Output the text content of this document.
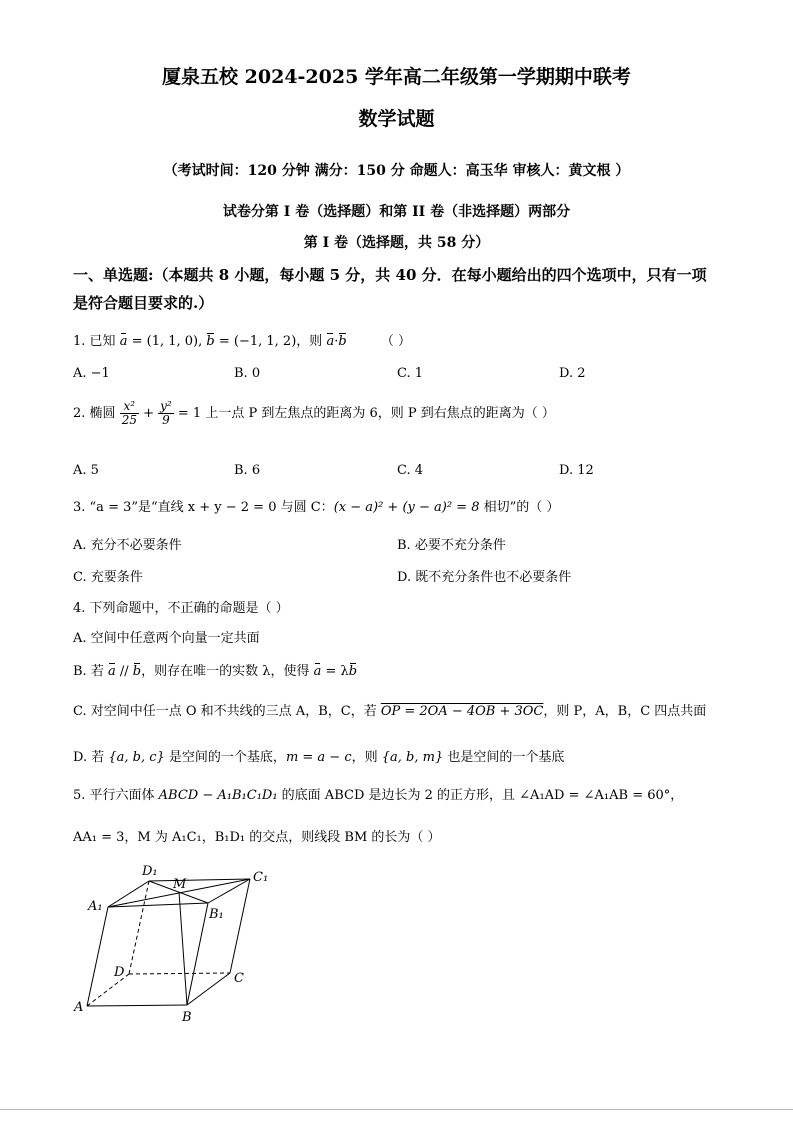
厦泉五校 2024-2025 学年高二年级第一学期期中联考
数学试题
（考试时间：120 分钟 满分：150 分 命题人：高玉华 审核人：黄文根 ）
试卷分第 I 卷（选择题）和第 II 卷（非选择题）两部分
第 I 卷（选择题，共 58 分）
一、单选题:（本题共 8 小题，每小题 5 分，共 40 分．在每小题给出的四个选项中，只有一项
是符合题目要求的.）
1. 已知 a = (1, 1, 0), b = (−1, 1, 2)，则 a·b	（ ）
A. −1	B. 0	C. 1	D. 2
2. 椭圆 $\frac{\text{x²}}{25} + \frac{\text{y²}}{9} = 1$ 上一点 P 到左焦点的距离为 6，则 P 到右焦点的距离为（ ）
A. 5	B. 6	C. 4	D. 12
3. “a = 3”是“直线 x + y − 2 = 0 与圆 C：(x − a)² + (y − a)² = 8 相切”的（ ）
A. 充分不必要条件	B. 必要不充分条件
C. 充要条件	D. 既不充分条件也不必要条件
4. 下列命题中，不正确的命题是（ ）
A. 空间中任意两个向量一定共面
B. 若 a // b，则存在唯一的实数 λ，使得 a = λb
C. 对空间中任一点 O 和不共线的三点 A，B，C，若 OP = 2OA − 4OB + 3OC，则 P，A，B，C 四点共面
D. 若 {a, b, c} 是空间的一个基底，m = a − c，则 {a, b, m} 也是空间的一个基底
5. 平行六面体 ABCD − A₁B₁C₁D₁ 的底面 ABCD 是边长为 2 的正方形，且 ∠A₁AD = ∠A₁AB = 60°，
AA₁ = 3，M 为 A₁C₁，B₁D₁ 的交点，则线段 BM 的长为（ ）
D₁
M	C₁
A₁
B₁
D	C
A
B
